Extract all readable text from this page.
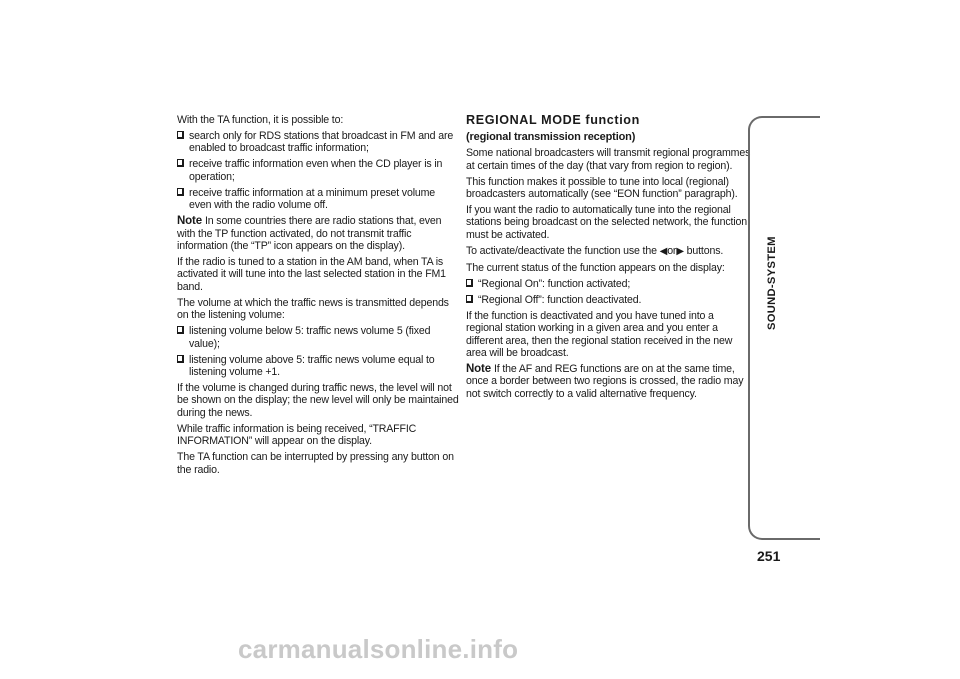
With the TA function, it is possible to:

search only for RDS stations that broadcast in FM and are enabled to broadcast traffic information;
receive traffic information even when the CD player is in operation;
receive traffic information at a minimum preset volume even with the radio volume off.

Note In some countries there are radio stations that, even with the TP function activated, do not transmit traffic information (the “TP” icon appears on the display).

If the radio is tuned to a station in the AM band, when TA is activated it will tune into the last selected station in the FM1 band.

The volume at which the traffic news is transmitted depends on the listening volume:

listening volume below 5: traffic news volume 5 (fixed value);
listening volume above 5: traffic news volume equal to listening volume +1.

If the volume is changed during traffic news, the level will not be shown on the display; the new level will only be maintained during the news.

While traffic information is being received, “TRAFFIC INFORMATION” will appear on the display.

The TA function can be interrupted by pressing any button on the radio.

REGIONAL MODE function

(regional transmission reception)

Some national broadcasters will transmit regional programmes at certain times of the day (that vary from region to region).

This function makes it possible to tune into local (regional) broadcasters automatically (see “EON function” paragraph).

If you want the radio to automatically tune into the regional stations being broadcast on the selected network, the function must be activated.

To activate/deactivate the function use the ◀or▶ buttons.

The current status of the function appears on the display:

“Regional On”: function activated;
“Regional Off”: function deactivated.

If the function is deactivated and you have tuned into a regional station working in a given area and you enter a different area, then the regional station received in the new area will be broadcast.

Note If the AF and REG functions are on at the same time, once a border between two regions is crossed, the radio may not switch correctly to a valid alternative frequency.

SOUND-SYSTEM
251
carmanualsonline.info
